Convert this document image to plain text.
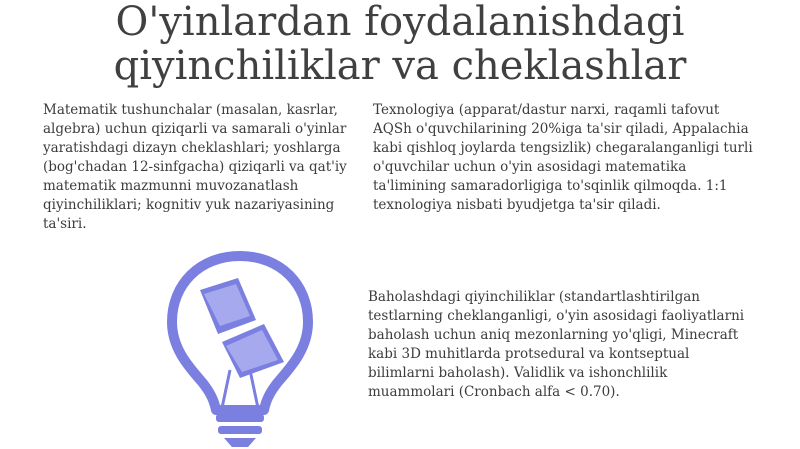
O'yinlardan foydalanishdagi
qiyinchiliklar va cheklashlar

Matematik tushunchalar (masalan, kasrlar, algebra) uchun qiziqarli va samarali o'yinlar yaratishdagi dizayn cheklashlari; yoshlarga (bog'chadan 12-sinfgacha) qiziqarli va qat'iy matematik mazmunni muvozanatlash qiyinchiliklari; kognitiv yuk nazariyasining ta'siri.

Texnologiya (apparat/dastur narxi, raqamli tafovut AQSh o'quvchilarining 20%iga ta'sir qiladi, Appalachia kabi qishloq joylarda tengsizlik) chegaralanganligi turli o'quvchilar uchun o'yin asosidagi matematika ta'limining samaradorligiga to'sqinlik qilmoqda. 1:1 texnologiya nisbati byudjetga ta'sir qiladi.

Baholashdagi qiyinchiliklar (standartlashtirilgan testlarning cheklanganligi, o'yin asosidagi faoliyatlarni baholash uchun aniq mezonlarning yo'qligi, Minecraft kabi 3D muhitlarda protsedural va kontseptual bilimlarni baholash). Validlik va ishonchlilik muammolari (Cronbach alfa < 0.70).
